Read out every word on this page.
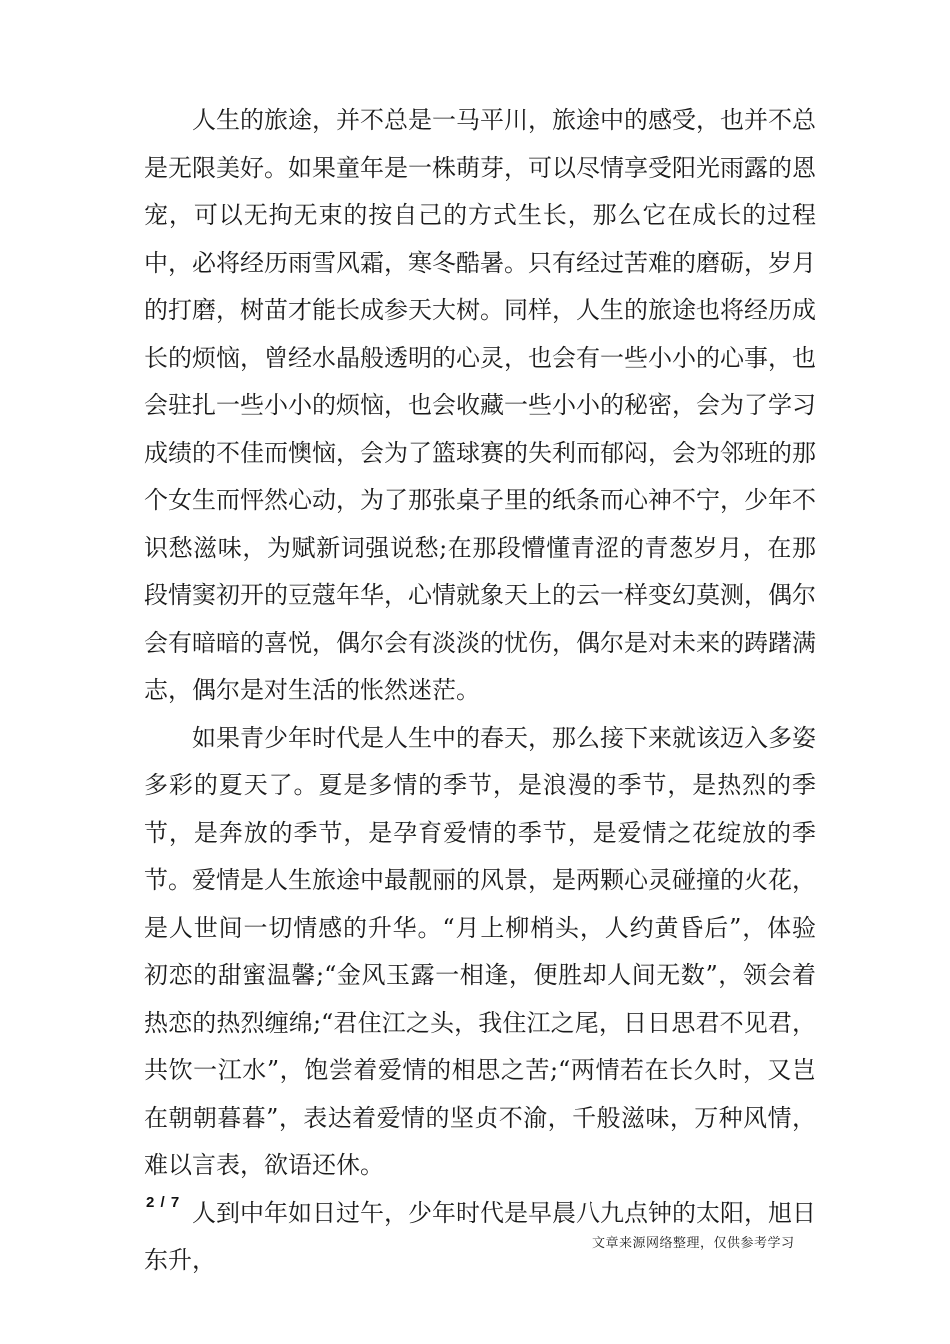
人生的旅途，并不总是一马平川，旅途中的感受，也并不总是无限美好。如果童年是一株萌芽，可以尽情享受阳光雨露的恩宠，可以无拘无束的按自己的方式生长，那么它在成长的过程中，必将经历雨雪风霜，寒冬酷暑。只有经过苦难的磨砺，岁月的打磨，树苗才能长成参天大树。同样，人生的旅途也将经历成长的烦恼，曾经水晶般透明的心灵，也会有一些小小的心事，也会驻扎一些小小的烦恼，也会收藏一些小小的秘密，会为了学习成绩的不佳而懊恼，会为了篮球赛的失利而郁闷，会为邻班的那个女生而怦然心动，为了那张桌子里的纸条而心神不宁，少年不识愁滋味，为赋新词强说愁;在那段懵懂青涩的青葱岁月，在那段情窦初开的豆蔻年华，心情就象天上的云一样变幻莫测，偶尔会有暗暗的喜悦，偶尔会有淡淡的忧伤，偶尔是对未来的踌躇满志，偶尔是对生活的怅然迷茫。

如果青少年时代是人生中的春天，那么接下来就该迈入多姿多彩的夏天了。夏是多情的季节，是浪漫的季节，是热烈的季节，是奔放的季节，是孕育爱情的季节，是爱情之花绽放的季节。爱情是人生旅途中最靓丽的风景，是两颗心灵碰撞的火花，是人世间一切情感的升华。“月上柳梢头，人约黄昏后”，体验初恋的甜蜜温馨;“金风玉露一相逢，便胜却人间无数”，领会着热恋的热烈缠绵;“君住江之头，我住江之尾，日日思君不见君，共饮一江水”，饱尝着爱情的相思之苦;“两情若在长久时，又岂在朝朝暮暮”，表达着爱情的坚贞不渝，千般滋味，万种风情，难以言表，欲语还休。

人到中年如日过午，少年时代是早晨八九点钟的太阳，旭日东升，

2 / 7
文章来源网络整理，仅供参考学习
